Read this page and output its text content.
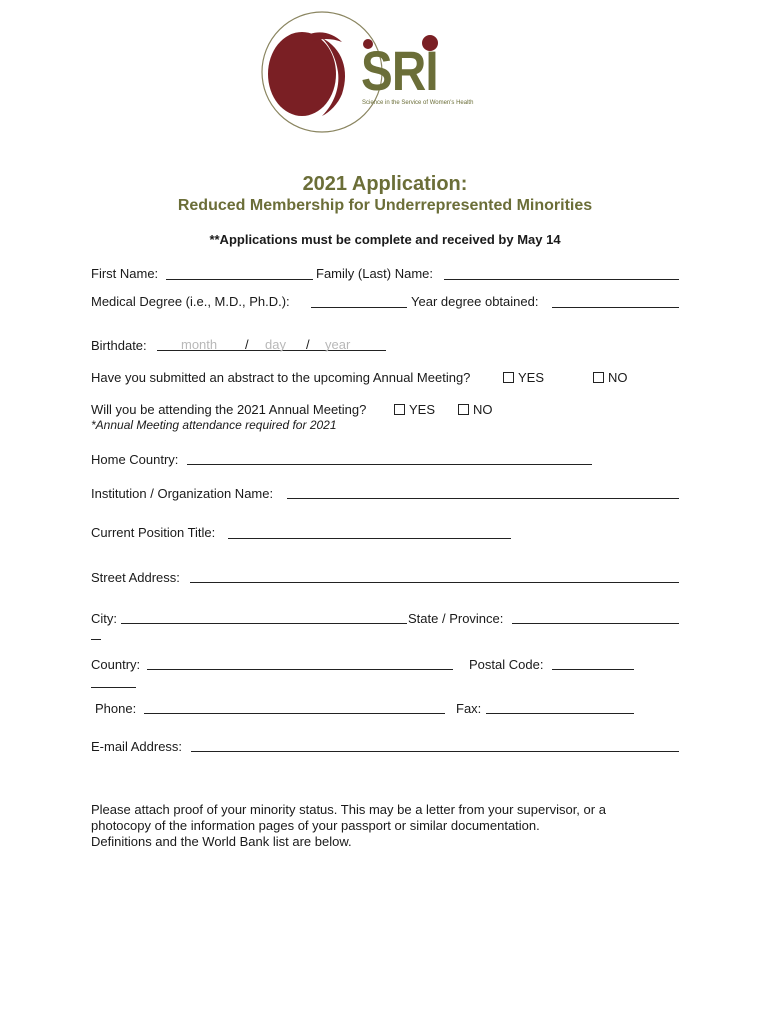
SRI
Science in the Service of Women's Health
2021 Application:
Reduced Membership for Underrepresented Minorities
**Applications must be complete and received by May 14
First Name:	Family (Last) Name:
Medical Degree (i.e., M.D., Ph.D.):	Year degree obtained:
Birthdate:	month / day / year
Have you submitted an abstract to the upcoming Annual Meeting?	YES	NO
Will you be attending the 2021 Annual Meeting?	YES	NO
*Annual Meeting attendance required for 2021
Home Country:
Institution / Organization Name:
Current Position Title:
Street Address:
City:	State / Province:
Country:	Postal Code:
Phone:	Fax:
E-mail Address:
Please attach proof of your minority status. This may be a letter from your supervisor, or a
photocopy of the information pages of your passport or similar documentation.
Definitions and the World Bank list are below.
